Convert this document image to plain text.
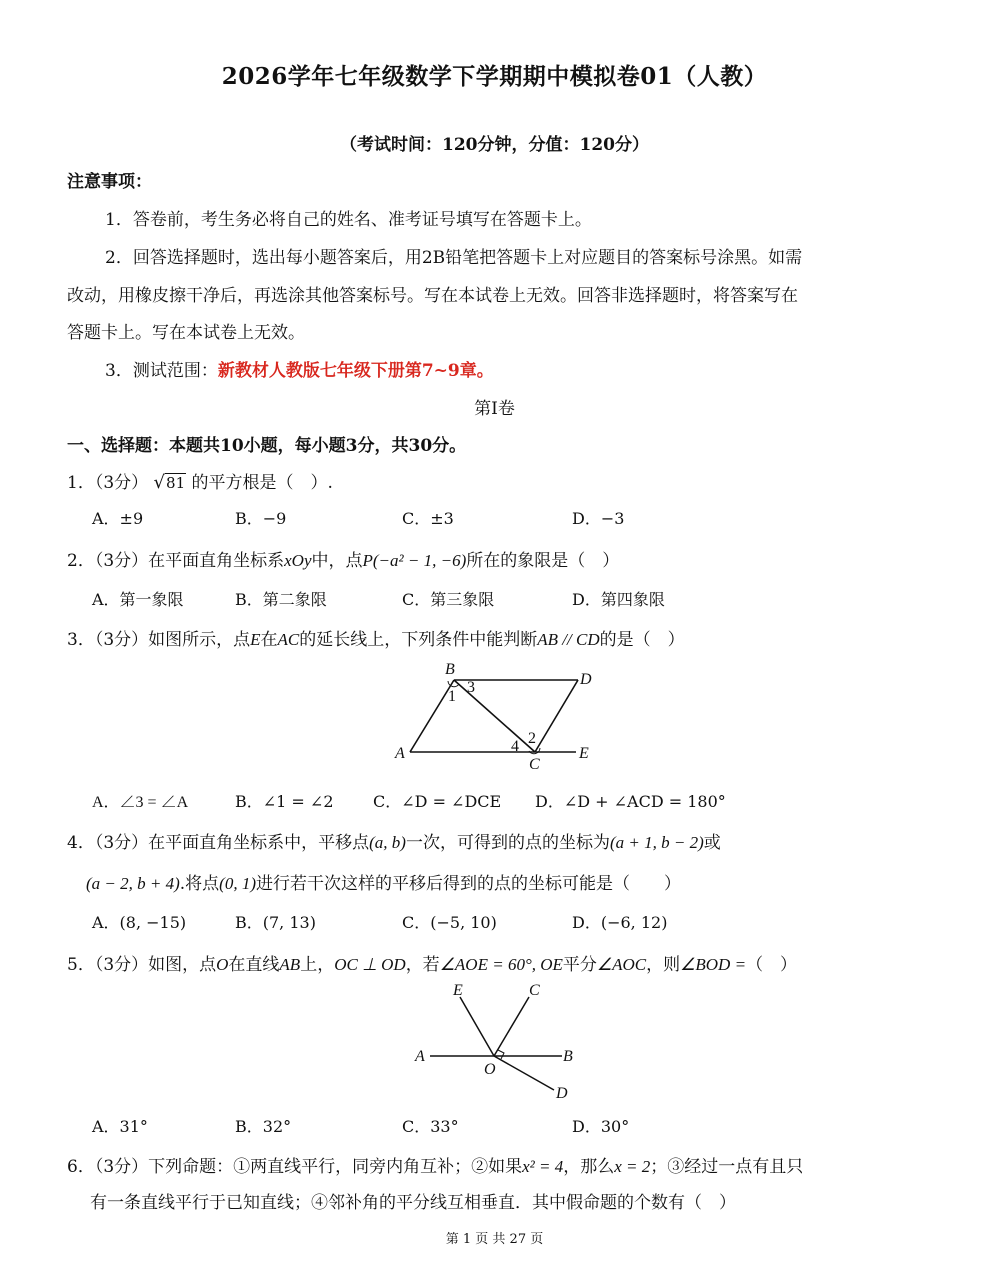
2026学年七年级数学下学期期中模拟卷01（人教）
（考试时间：120分钟，分值：120分）
注意事项：
1．答卷前，考生务必将自己的姓名、准考证号填写在答题卡上。
2．回答选择题时，选出每小题答案后，用2B铅笔把答题卡上对应题目的答案标号涂黑。如需
改动，用橡皮擦干净后，再选涂其他答案标号。写在本试卷上无效。回答非选择题时，将答案写在
答题卡上。写在本试卷上无效。
3．测试范围：新教材人教版七年级下册第7~9章。
第Ⅰ卷
一、选择题：本题共10小题，每小题3分，共30分。
1．（3分） √81 的平方根是（　）.
A．±9	B．−9	C．±3	D．−3
2．（3分）在平面直角坐标系xOy中，点P(−a² − 1, −6)所在的象限是（　）
A．第一象限	B．第二象限	C．第三象限	D．第四象限
3．（3分）如图所示，点E在AC的延长线上，下列条件中能判断AB // CD的是（　）
B
D
A
C
E
1
3
2
4
A．∠3 = ∠A	B．∠1 = ∠2 C．∠D = ∠DCE D．∠D + ∠ACD = 180°
4．（3分）在平面直角坐标系中，平移点(a, b)一次，可得到的点的坐标为(a + 1, b − 2)或
(a − 2, b + 4).将点(0, 1)进行若干次这样的平移后得到的点的坐标可能是（　　）
A．(8, −15)	B．(7, 13)	C．(−5, 10)	D．(−6, 12)
5．（3分）如图，点O在直线AB上，OC ⊥ OD，若∠AOE = 60°, OE平分∠AOC，则∠BOD =（　）
E	C
A	B
O
D
A．31°	B．32°	C．33°	D．30°
6．（3分）下列命题：①两直线平行，同旁内角互补；②如果x² = 4，那么x = 2；③经过一点有且只
有一条直线平行于已知直线；④邻补角的平分线互相垂直．其中假命题的个数有（　）
第 1 页 共 27 页
